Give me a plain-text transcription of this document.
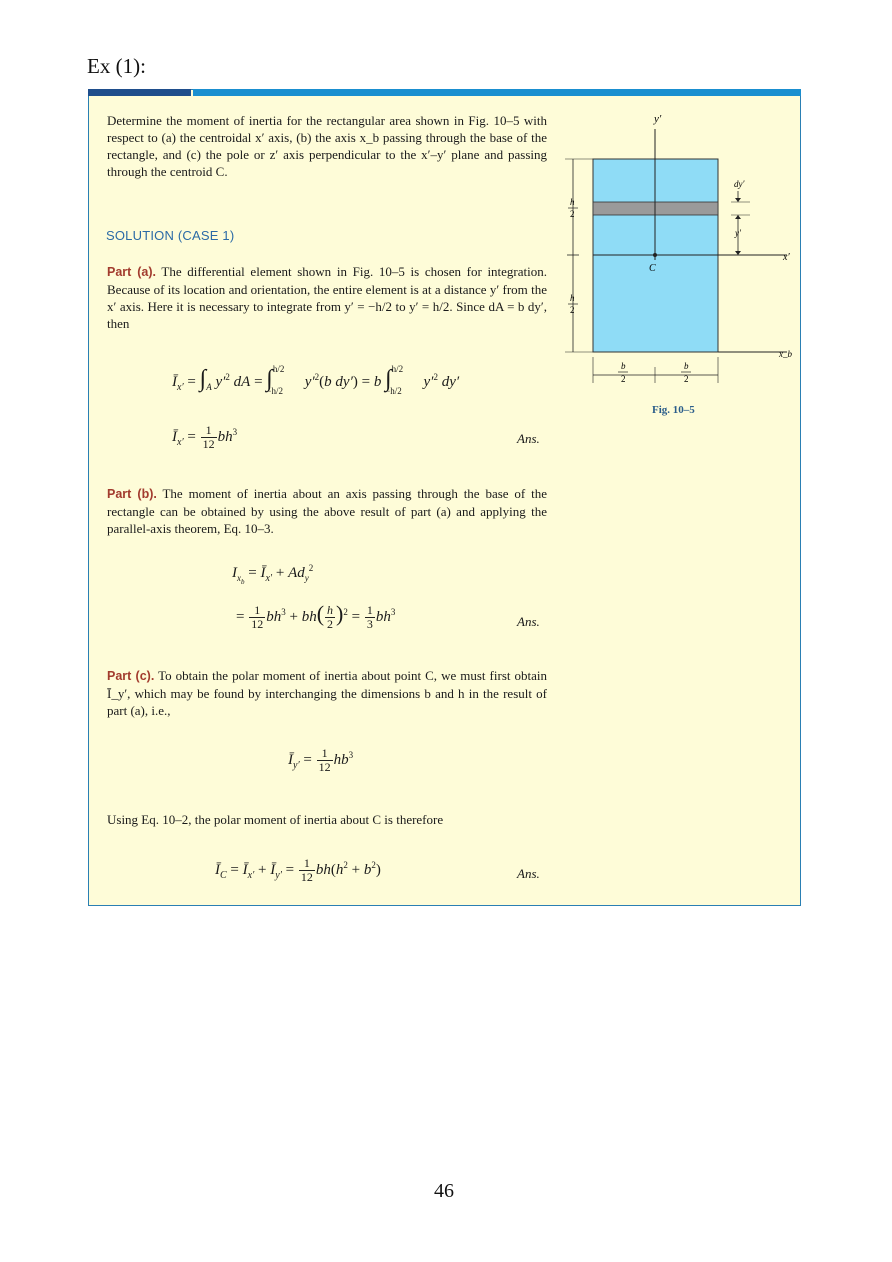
Ex (1):
Determine the moment of inertia for the rectangular area shown in Fig. 10–5 with respect to (a) the centroidal x′ axis, (b) the axis x_b passing through the base of the rectangle, and (c) the pole or z′ axis perpendicular to the x′–y′ plane and passing through the centroid C.
SOLUTION (CASE 1)
Part (a). The differential element shown in Fig. 10–5 is chosen for integration. Because of its location and orientation, the entire element is at a distance y′ from the x′ axis. Here it is necessary to integrate from y′ = −h/2 to y′ = h/2. Since dA = b dy′, then
$Ī_{x'} = \int_A$ $y'^2$ dA = ∫$^{h/2}_{-h/2}$ $y'^2(b$ dy′) = b ∫$^{h/2}_{-h/2}$ $y'^2$ dy′
$Ī_{x'} = \frac{1}{12} bh^3$	Ans.
Part (b). The moment of inertia about an axis passing through the base of the rectangle can be obtained by using the above result of part (a) and applying the parallel-axis theorem, Eq. 10–3.
$I_{x_b}$ = $Ī_{x'} + Ad_y^2$
= $\frac{1}{12} bh^3 + bh( \frac{h}{2} )^2 = \frac{1}{3} bh^3$
Ans.
Part (c). To obtain the polar moment of inertia about point C, we must first obtain Ī_y′, which may be found by interchanging the dimensions b and h in the result of part (a), i.e.,
$Ī_{y'} = \frac{1}{12} hb^3$
Using Eq. 10–2, the polar moment of inertia about C is therefore
$Ī_C$ = $Ī_{x'}$ + $Ī_{y'} = \frac{1}{12} bh(h^2 + b^2)$	Ans.
y′
x′
x_b
C
dy′
y′
h
2
h
2
b
2
b
2
Fig. 10–5
46
